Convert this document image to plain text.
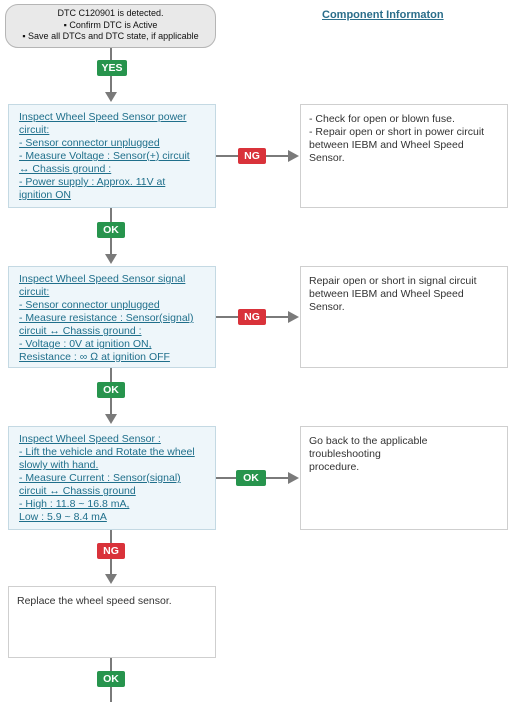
DTC C120901 is detected.
▪ Confirm DTC is Active
▪ Save all DTCs and DTC state, if applicable
Component Informaton
YES
Inspect Wheel Speed Sensor power
circuit:
- Sensor connector unplugged
- Measure Voltage : Sensor(+) circuit
↔ Chassis ground :
- Power supply : Approx. 11V at
ignition ON
NG
- Check for open or blown fuse.
- Repair open or short in power circuit
between IEBM and Wheel Speed
Sensor.
OK
Inspect Wheel Speed Sensor signal
circuit:
- Sensor connector unplugged
- Measure resistance : Sensor(signal)
circuit ↔ Chassis ground :
- Voltage : 0V at ignition ON,
Resistance : ∞ Ω at ignition OFF
NG
Repair open or short in signal circuit
between IEBM and Wheel Speed
Sensor.
OK
Inspect Wheel Speed Sensor :
- Lift the vehicle and Rotate the wheel
slowly with hand.
- Measure Current : Sensor(signal)
circuit ↔ Chassis ground
- High : 11.8 ~ 16.8 mA,
Low : 5.9 ~ 8.4 mA
OK
Go back to the applicable troubleshooting
procedure.
NG
Replace the wheel speed sensor.
OK
